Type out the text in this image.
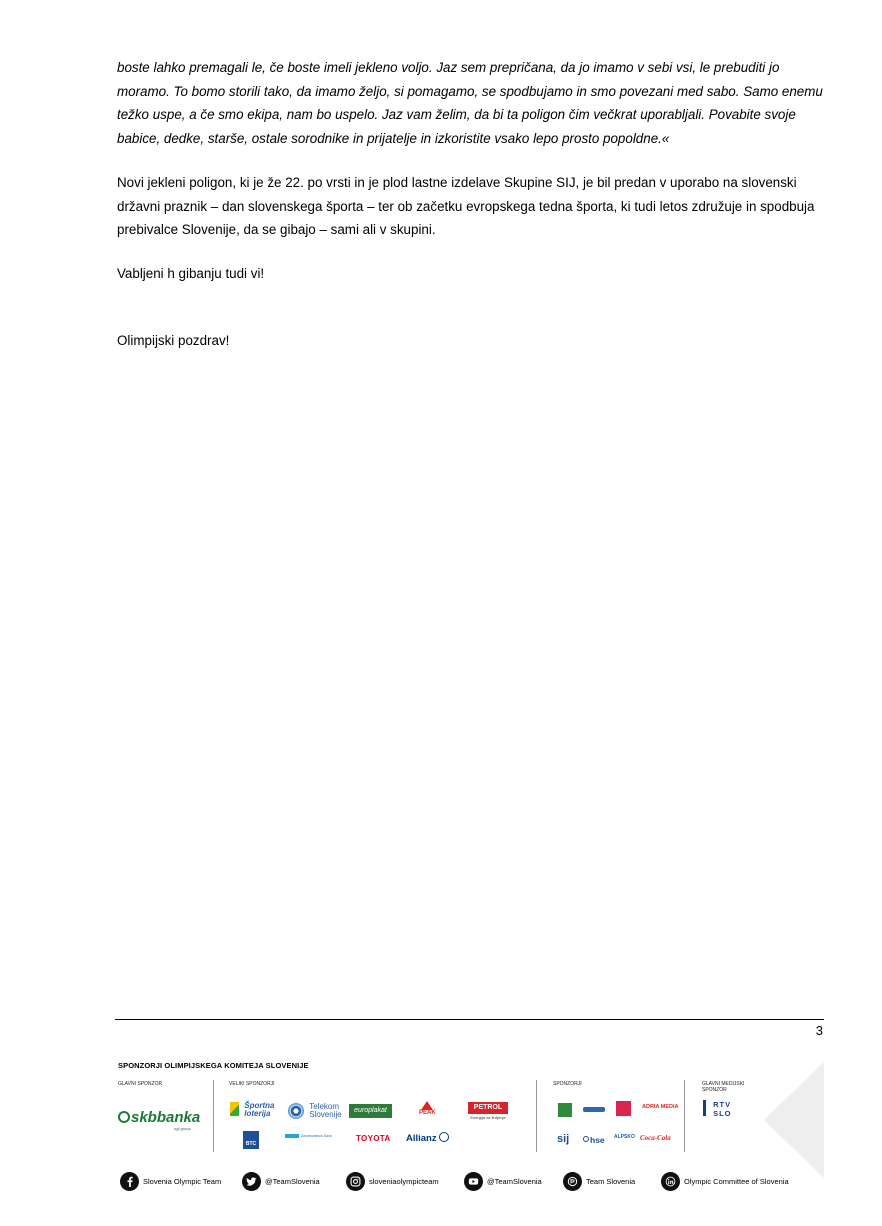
boste lahko premagali le, če boste imeli jekleno voljo. Jaz sem prepričana, da jo imamo v sebi vsi, le prebuditi jo moramo. To bomo storili tako, da imamo željo, si pomagamo, se spodbujamo in smo povezani med sabo. Samo enemu težko uspe, a če smo ekipa, nam bo uspelo. Jaz vam želim, da bi ta poligon čim večkrat uporabljali. Povabite svoje babice, dedke, starše, ostale sorodnike in prijatelje in izkoristite vsako lepo prosto popoldne.«

Novi jekleni poligon, ki je že 22. po vrsti in je plod lastne izdelave Skupine SIJ, je bil predan v uporabo na slovenski državni praznik – dan slovenskega športa – ter ob začetku evropskega tedna športa, ki tudi letos združuje in spodbuja prebivalce Slovenije, da se gibajo – sami ali v skupini.

Vabljeni h gibanju tudi vi!

Olimpijski pozdrav!

3
SPONZORJI OLIMPIJSKEGA KOMITEJA SLOVENIJE
GLAVNI SPONZOR	VELIKI SPONZORJI	SPONZORJI	GLAVNI MEDIJSKI SPONZOR
skbbanka
ogl group
Športna
loterija
Telekom
Slovenije	europlakat	PEAK
PETROL
Energija za življenje
BTC
Zavarovalnica Sava	TOYOTA Allianz
ADRIA MEDIA
sij	hse ALPSKO Coca-Cola
RTV
SLO
Slovenia Olympic Team	@TeamSlovenia	sloveniaolympicteam	@TeamSlovenia	Team Slovenia	Olympic Committee of Slovenia
